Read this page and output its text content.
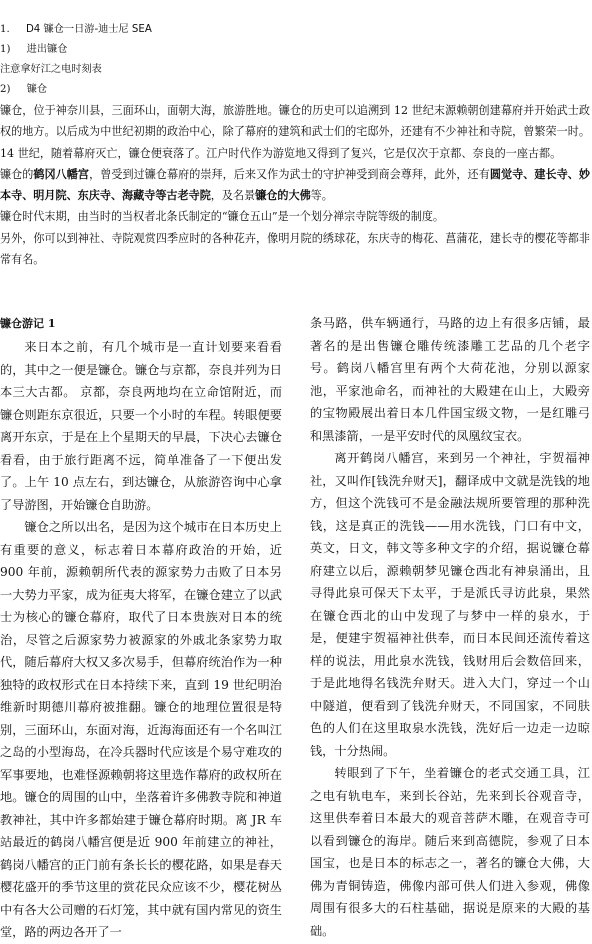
1. D4 镰仓一日游-迪士尼 SEA
1) 进出镰仓
注意拿好江之电时刻表
2) 镰仓

镰仓，位于神奈川县，三面环山，面朝大海，旅游胜地。镰仓的历史可以追溯到 12 世纪末源赖朝创建幕府并开始武士政权的地方。以后成为中世纪初期的政治中心，除了幕府的建筑和武士们的宅邸外，还建有不少神社和寺院，曾繁荣一时。14 世纪，随着幕府灭亡，镰仓便衰落了。江户时代作为游览地又得到了复兴，它是仅次于京都、奈良的一座古都。

镰仓的鹤冈八幡宫，曾受到过镰仓幕府的崇拜，后来又作为武士的守护神受到商会尊拜，此外，还有圆觉寺、建长寺、妙本寺、明月院、东庆寺、海藏寺等古老寺院，及名景镰仓的大佛等。

镰仓时代末期，由当时的当权者北条氏制定的“镰仓五山”是一个划分禅宗寺院等级的制度。

另外，你可以到神社、寺院观赏四季应时的各种花卉，像明月院的绣球花，东庆寺的梅花、菖蒲花，建长寺的樱花等都非常有名。

镰仓游记 1

来日本之前，有几个城市是一直计划要来看看的，其中之一便是镰仓。镰仓与京都，奈良并列为日本三大古都。 京都，奈良两地均在立命馆附近，而镰仓则距东京很近，只要一个小时的车程。转眼便要离开东京，于是在上个星期天的早晨，下决心去镰仓看看，由于旅行距离不远，简单准备了一下便出发了。上午 10 点左右，到达镰仓，从旅游咨询中心拿了导游图，开始镰仓自助游。

镰仓之所以出名，是因为这个城市在日本历史上有重要的意义，标志着日本幕府政治的开始，近 900 年前，源赖朝所代表的源家势力击败了日本另一大势力平家，成为征夷大将军，在镰仓建立了以武士为核心的镰仓幕府，取代了日本贵族对日本的统治，尽管之后源家势力被源家的外戚北条家势力取代，随后幕府大权又多次易手，但幕府统治作为一种独特的政权形式在日本持续下来，直到 19 世纪明治维新时期德川幕府被推翻。镰仓的地理位置很是特别，三面环山，东面对海，近海海面还有一个名叫江之岛的小型海岛，在冷兵器时代应该是个易守难攻的军事要地，也难怪源赖朝将这里选作幕府的政权所在地。镰仓的周围的山中，坐落着许多佛教寺院和神道教神社，其中许多都始建于镰仓幕府时期。离 JR 车站最近的鹤岗八幡宫便是近 900 年前建立的神社，鹤岗八幡宫的正门前有条长长的樱花路，如果是春天樱花盛开的季节这里的赏花民众应该不少，樱花树丛中有各大公司赠的石灯笼，其中就有国内常见的资生堂，路的两边各开了一

条马路，供车辆通行，马路的边上有很多店铺，最著名的是出售镰仓雕传统漆雕工艺品的几个老字号。鹤岗八幡宫里有两个大荷花池，分别以源家池，平家池命名，而神社的大殿建在山上，大殿旁的宝物殿展出着日本几件国宝级文物，一是红雕弓和黑漆箭，一是平安时代的凤凰纹宝衣。

离开鹤岗八幡宫，来到另一个神社，宇贺福神社，又叫作[钱洗弁财天]，翻译成中文就是洗钱的地方，但这个洗钱可不是金融法规所要管理的那种洗钱，这是真正的洗钱——用水洗钱，门口有中文，英文，日文，韩文等多种文字的介绍，据说镰仓幕府建立以后，源赖朝梦见镰仓西北有神泉涌出，且寻得此泉可保天下太平，于是派氏寻访此泉，果然在镰仓西北的山中发现了与梦中一样的泉水，于是，便建宇贺福神社供奉，而日本民间还流传着这样的说法，用此泉水洗钱，钱财用后会数倍回来，于是此地得名钱洗弁财天。进入大门，穿过一个山中隧道，便看到了钱洗弁财天，不同国家，不同肤色的人们在这里取泉水洗钱，洗好后一边走一边晾钱，十分热闹。

转眼到了下午，坐着镰仓的老式交通工具，江之电有轨电车，来到长谷站，先来到长谷观音寺，这里供奉着日本最大的观音菩萨木雕，在观音寺可以看到镰仓的海岸。随后来到高德院，参观了日本国宝，也是日本的标志之一，著名的镰仓大佛，大佛为青铜铸造，佛像内部可供人们进入参观，佛像周围有很多大的石柱基础，据说是原来的大殿的基础。
